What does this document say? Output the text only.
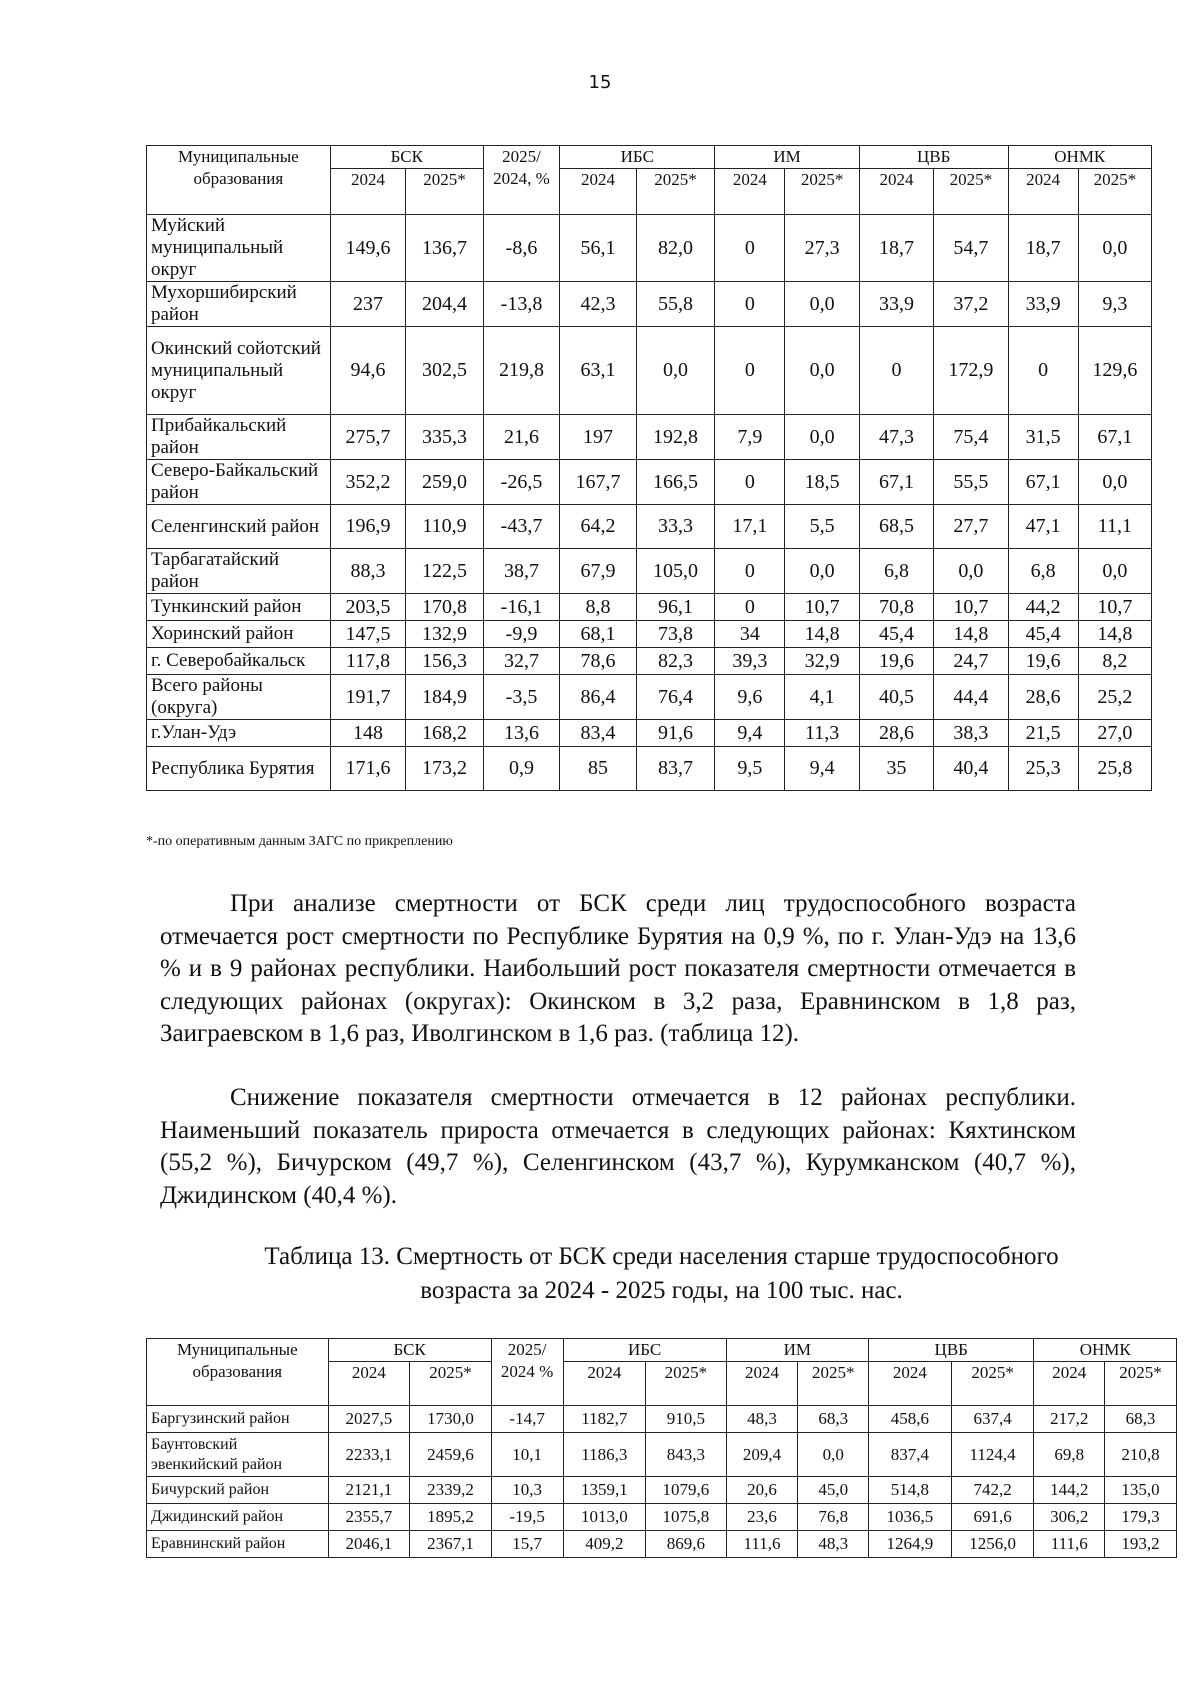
15
Муниципальные образования	БСК		2025/ 2024, %	ИБС		ИМ		ЦВБ		ОНМК	
	2024	2025*		2024	2025*	2024	2025*	2024	2025*	2024	2025*
Муйский муниципальный округ	149,6	136,7	-8,6	56,1	82,0	0	27,3	18,7	54,7	18,7	0,0
Мухоршибирский район	237	204,4	-13,8	42,3	55,8	0	0,0	33,9	37,2	33,9	9,3
Окинский сойотский муниципальный округ	94,6	302,5	219,8	63,1	0,0	0	0,0	0	172,9	0	129,6
Прибайкальский район	275,7	335,3	21,6	197	192,8	7,9	0,0	47,3	75,4	31,5	67,1
Северо-Байкальский район	352,2	259,0	-26,5	167,7	166,5	0	18,5	67,1	55,5	67,1	0,0
Селенгинский район	196,9	110,9	-43,7	64,2	33,3	17,1	5,5	68,5	27,7	47,1	11,1
Тарбагатайский район	88,3	122,5	38,7	67,9	105,0	0	0,0	6,8	0,0	6,8	0,0
Тункинский район	203,5	170,8	-16,1	8,8	96,1	0	10,7	70,8	10,7	44,2	10,7
Хоринский район	147,5	132,9	-9,9	68,1	73,8	34	14,8	45,4	14,8	45,4	14,8
г. Северобайкальск	117,8	156,3	32,7	78,6	82,3	39,3	32,9	19,6	24,7	19,6	8,2
Всего районы (округа)	191,7	184,9	-3,5	86,4	76,4	9,6	4,1	40,5	44,4	28,6	25,2
г.Улан-Удэ	148	168,2	13,6	83,4	91,6	9,4	11,3	28,6	38,3	21,5	27,0
Республика Бурятия	171,6	173,2	0,9	85	83,7	9,5	9,4	35	40,4	25,3	25,8
*-по оперативным данным ЗАГС по прикреплению

При анализе смертности от БСК среди лиц трудоспособного возраста отмечается рост смертности по Республике Бурятия на 0,9 %, по г. Улан-Удэ на 13,6 % и в 9 районах республики. Наибольший рост показателя смертности отмечается в следующих районах (округах): Окинском в 3,2 раза, Еравнинском в 1,8 раз, Заиграевском в 1,6 раз, Иволгинском в 1,6 раз. (таблица 12).

Снижение показателя смертности отмечается в 12 районах республики. Наименьший показатель прироста отмечается в следующих районах: Кяхтинском (55,2 %), Бичурском (49,7 %), Селенгинском (43,7 %), Курумканском (40,7 %), Джидинском (40,4 %).

Таблица 13. Смертность от БСК среди населения старше трудоспособного
возраста за 2024 - 2025 годы, на 100 тыс. нас.
Муниципальные образования	БСК		2025/ 2024 %	ИБС		ИМ		ЦВБ		ОНМК	
	2024	2025*		2024	2025*	2024	2025*	2024	2025*	2024	2025*
Баргузинский район	2027,5	1730,0	-14,7	1182,7	910,5	48,3	68,3	458,6	637,4	217,2	68,3
Баунтовский эвенкийский район	2233,1	2459,6	10,1	1186,3	843,3	209,4	0,0	837,4	1124,4	69,8	210,8
Бичурский район	2121,1	2339,2	10,3	1359,1	1079,6	20,6	45,0	514,8	742,2	144,2	135,0
Джидинский район	2355,7	1895,2	-19,5	1013,0	1075,8	23,6	76,8	1036,5	691,6	306,2	179,3
Еравнинский район	2046,1	2367,1	15,7	409,2	869,6	111,6	48,3	1264,9	1256,0	111,6	193,2
